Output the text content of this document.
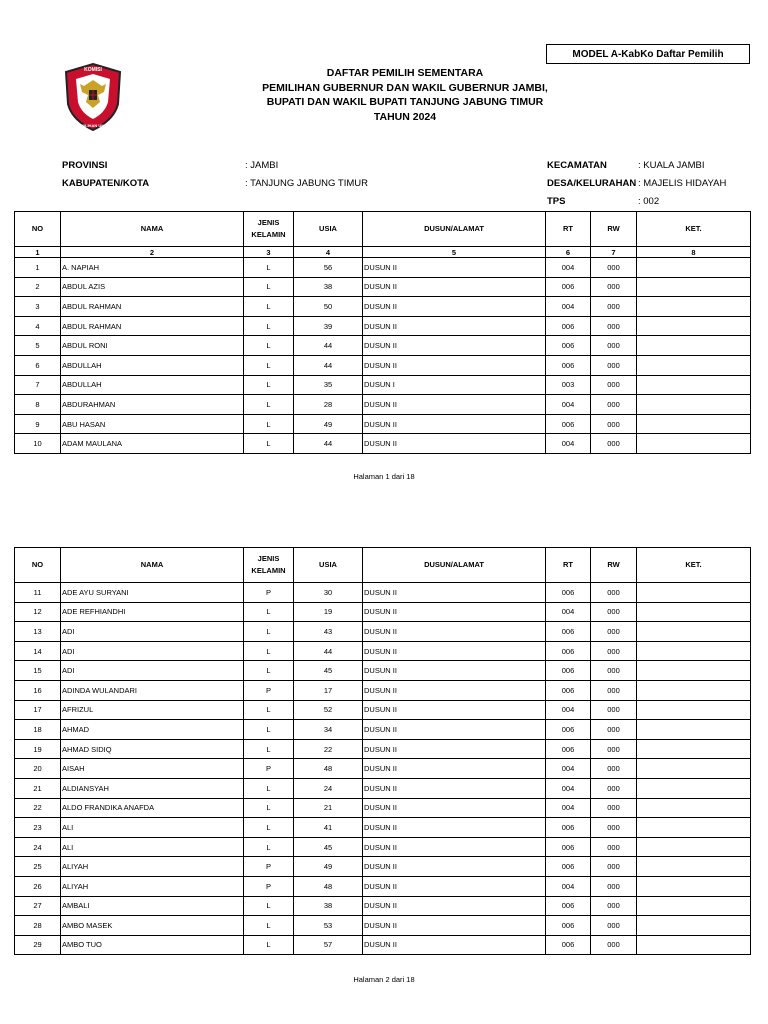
MODEL A-KabKo Daftar Pemilih
KOMISI
PEMILIHAN UMUM
DAFTAR PEMILIH SEMENTARA
PEMILIHAN GUBERNUR DAN WAKIL GUBERNUR JAMBI,
BUPATI DAN WAKIL BUPATI TANJUNG JABUNG TIMUR
TAHUN 2024
PROVINSI	: JAMBI
KABUPATEN/KOTA	: TANJUNG JABUNG TIMUR
KECAMATAN	: KUALA JAMBI
DESA/KELURAHAN : MAJELIS HIDAYAH
TPS	: 002
NO	NAMA	JENIS
KELAMIN	USIA	DUSUN/ALAMAT	RT	RW	KET.
1	2	3	4	5	6	7	8
1	A. NAPIAH	L	56	DUSUN II	004	000	
2	ABDUL AZIS	L	38	DUSUN II	006	000	
3	ABDUL RAHMAN	L	50	DUSUN II	004	000	
4	ABDUL RAHMAN	L	39	DUSUN II	006	000	
5	ABDUL RONI	L	44	DUSUN II	006	000	
6	ABDULLAH	L	44	DUSUN II	006	000	
7	ABDULLAH	L	35	DUSUN I	003	000	
8	ABDURAHMAN	L	28	DUSUN II	004	000	
9	ABU HASAN	L	49	DUSUN II	006	000	
10	ADAM MAULANA	L	44	DUSUN II	004	000	
Halaman 1 dari 18
NO	NAMA	JENIS
KELAMIN	USIA	DUSUN/ALAMAT	RT	RW	KET.
11	ADE AYU SURYANI	P	30	DUSUN II	006	000	
12	ADE REFHIANDHI	L	19	DUSUN II	004	000	
13	ADI	L	43	DUSUN II	006	000	
14	ADI	L	44	DUSUN II	006	000	
15	ADI	L	45	DUSUN II	006	000	
16	ADINDA WULANDARI	P	17	DUSUN II	006	000	
17	AFRIZUL	L	52	DUSUN II	004	000	
18	AHMAD	L	34	DUSUN II	006	000	
19	AHMAD SIDIQ	L	22	DUSUN II	006	000	
20	AISAH	P	48	DUSUN II	004	000	
21	ALDIANSYAH	L	24	DUSUN II	004	000	
22	ALDO FRANDIKA ANAFDA	L	21	DUSUN II	004	000	
23	ALI	L	41	DUSUN II	006	000	
24	ALI	L	45	DUSUN II	006	000	
25	ALIYAH	P	49	DUSUN II	006	000	
26	ALIYAH	P	48	DUSUN II	004	000	
27	AMBALI	L	38	DUSUN II	006	000	
28	AMBO MASEK	L	53	DUSUN II	006	000	
29	AMBO TUO	L	57	DUSUN II	006	000	
Halaman 2 dari 18
